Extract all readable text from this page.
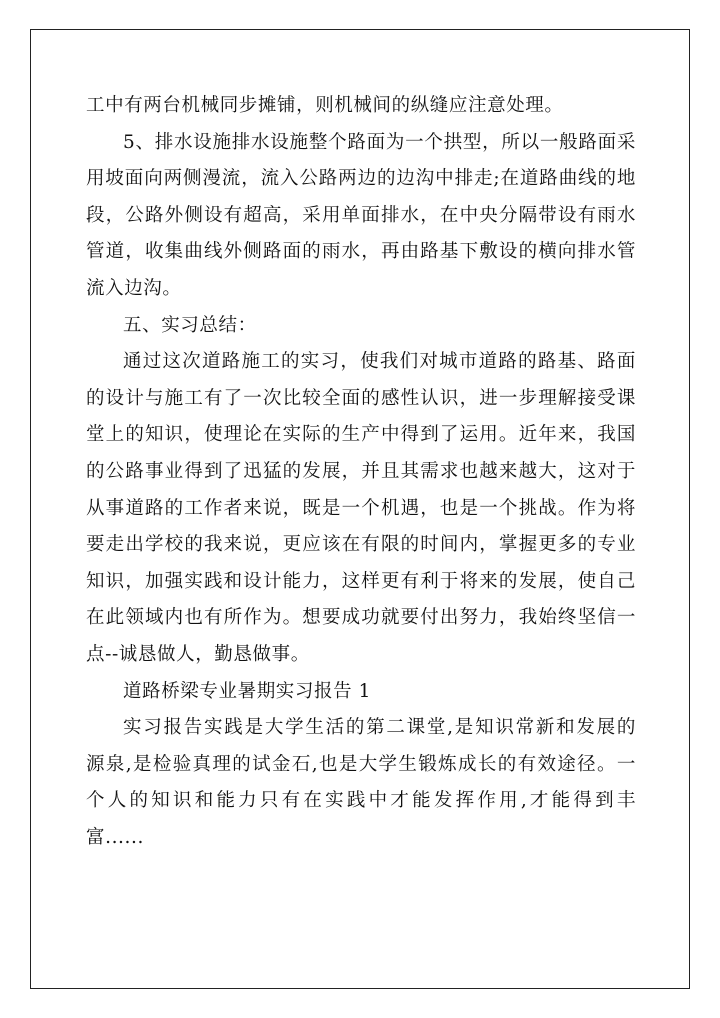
工中有两台机械同步摊铺，则机械间的纵缝应注意处理。
5、排水设施排水设施整个路面为一个拱型，所以一般路面采
用坡面向两侧漫流，流入公路两边的边沟中排走;在道路曲线的地
段，公路外侧设有超高，采用单面排水，在中央分隔带设有雨水
管道，收集曲线外侧路面的雨水，再由路基下敷设的横向排水管
流入边沟。
五、实习总结：
通过这次道路施工的实习，使我们对城市道路的路基、路面
的设计与施工有了一次比较全面的感性认识，进一步理解接受课
堂上的知识，使理论在实际的生产中得到了运用。近年来，我国
的公路事业得到了迅猛的发展，并且其需求也越来越大，这对于
从事道路的工作者来说，既是一个机遇，也是一个挑战。作为将
要走出学校的我来说，更应该在有限的时间内，掌握更多的专业
知识，加强实践和设计能力，这样更有利于将来的发展，使自己
在此领域内也有所作为。想要成功就要付出努力，我始终坚信一
点--诚恳做人，勤恳做事。
道路桥梁专业暑期实习报告 1
实习报告实践是大学生活的第二课堂,是知识常新和发展的
源泉,是检验真理的试金石,也是大学生锻炼成长的有效途径。一
个人的知识和能力只有在实践中才能发挥作用,才能得到丰
富......
